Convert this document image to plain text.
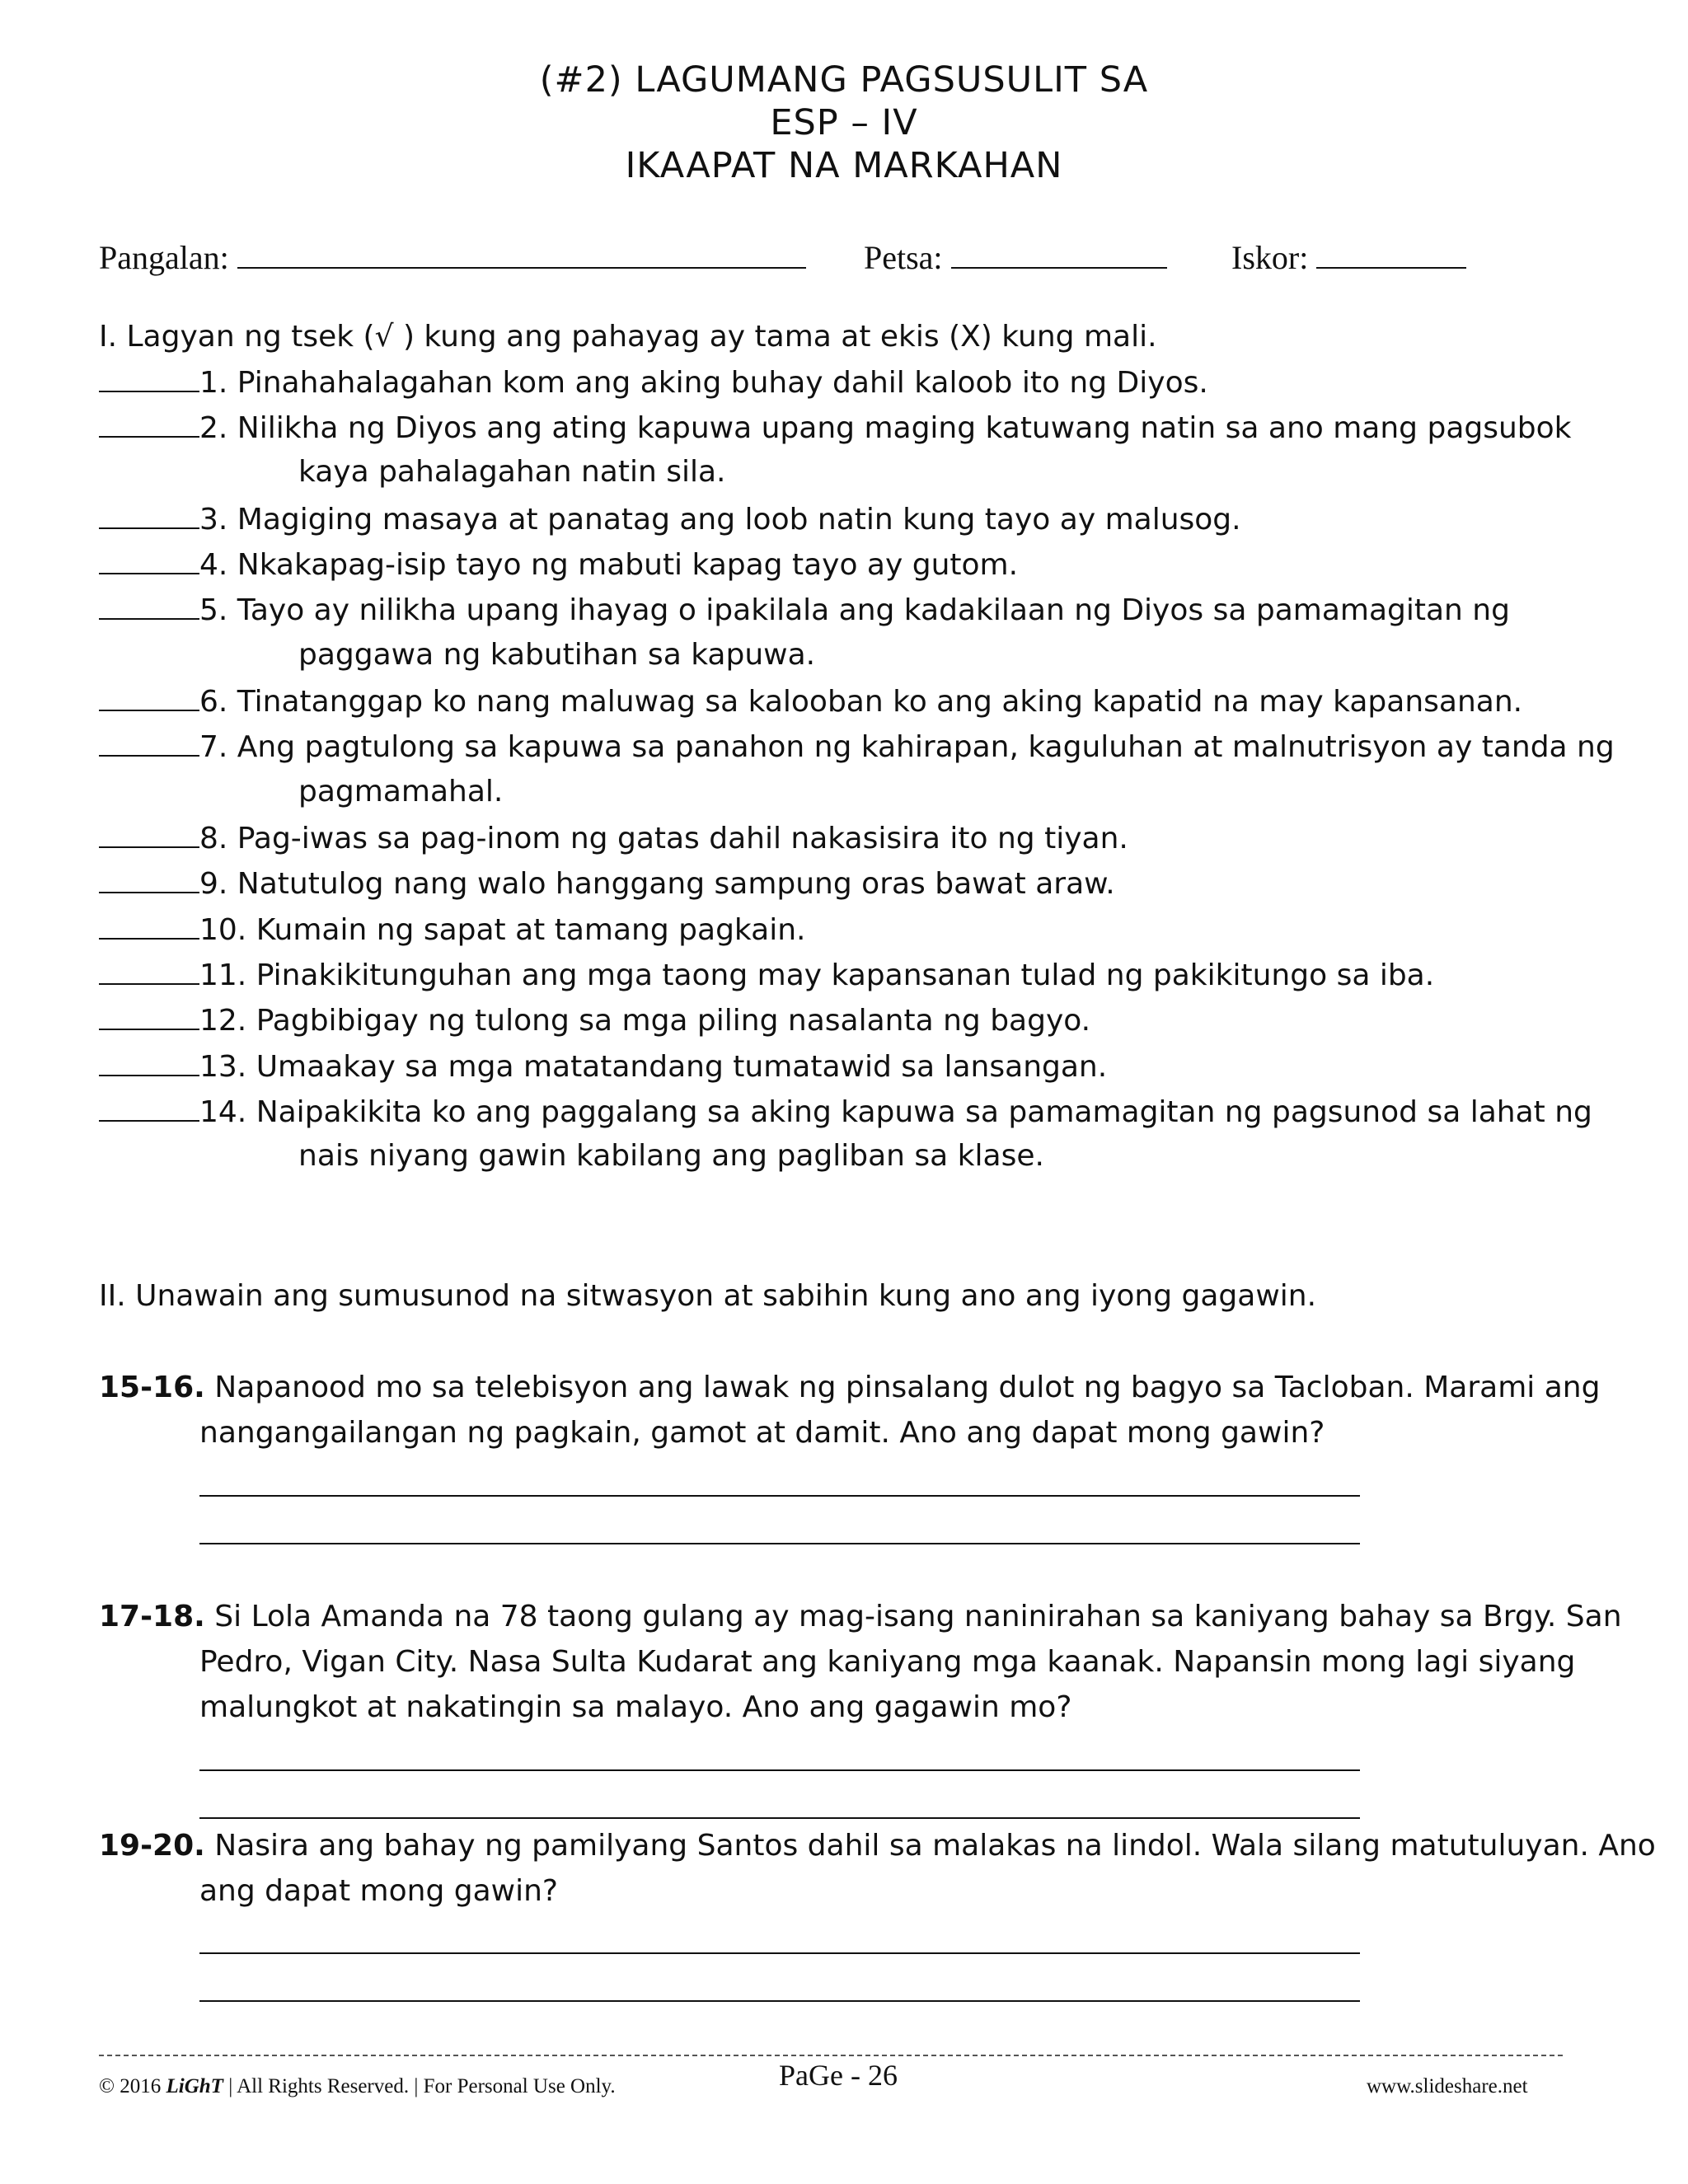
(#2) LAGUMANG PAGSUSULIT SA
ESP – IV
IKAAPAT NA MARKAHAN
Pangalan:	Petsa:	Iskor:
I. Lagyan ng tsek (√ ) kung ang pahayag ay tama at ekis (X) kung mali.
1. Pinahahalagahan kom ang aking buhay dahil kaloob ito ng Diyos.
2. Nilikha ng Diyos ang ating kapuwa upang maging katuwang natin sa ano mang pagsubok
kaya pahalagahan natin sila.
3. Magiging masaya at panatag ang loob natin kung tayo ay malusog.
4. Nkakapag-isip tayo ng mabuti kapag tayo ay gutom.
5. Tayo ay nilikha upang ihayag o ipakilala ang kadakilaan ng Diyos sa pamamagitan ng
paggawa ng kabutihan sa kapuwa.
6. Tinatanggap ko nang maluwag sa kalooban ko ang aking kapatid na may kapansanan.
7. Ang pagtulong sa kapuwa sa panahon ng kahirapan, kaguluhan at malnutrisyon ay tanda ng
pagmamahal.
8. Pag-iwas sa pag-inom ng gatas dahil nakasisira ito ng tiyan.
9. Natutulog nang walo hanggang sampung oras bawat araw.
10. Kumain ng sapat at tamang pagkain.
11. Pinakikitunguhan ang mga taong may kapansanan tulad ng pakikitungo sa iba.
12. Pagbibigay ng tulong sa mga piling nasalanta ng bagyo.
13. Umaakay sa mga matatandang tumatawid sa lansangan.
14. Naipakikita ko ang paggalang sa aking kapuwa sa pamamagitan ng pagsunod sa lahat ng
nais niyang gawin kabilang ang pagliban sa klase.
II. Unawain ang sumusunod na sitwasyon at sabihin kung ano ang iyong gagawin.
15-16. Napanood mo sa telebisyon ang lawak ng pinsalang dulot ng bagyo sa Tacloban. Marami ang
nangangailangan ng pagkain, gamot at damit. Ano ang dapat mong gawin?
17-18. Si Lola Amanda na 78 taong gulang ay mag-isang naninirahan sa kaniyang bahay sa Brgy. San
Pedro, Vigan City. Nasa Sulta Kudarat ang kaniyang mga kaanak. Napansin mong lagi siyang
malungkot at nakatingin sa malayo. Ano ang gagawin mo?
19-20. Nasira ang bahay ng pamilyang Santos dahil sa malakas na lindol. Wala silang matutuluyan. Ano
ang dapat mong gawin?
© 2016 LiGhT | All Rights Reserved. | For Personal Use Only.	PaGe - 26	www.slideshare.net
